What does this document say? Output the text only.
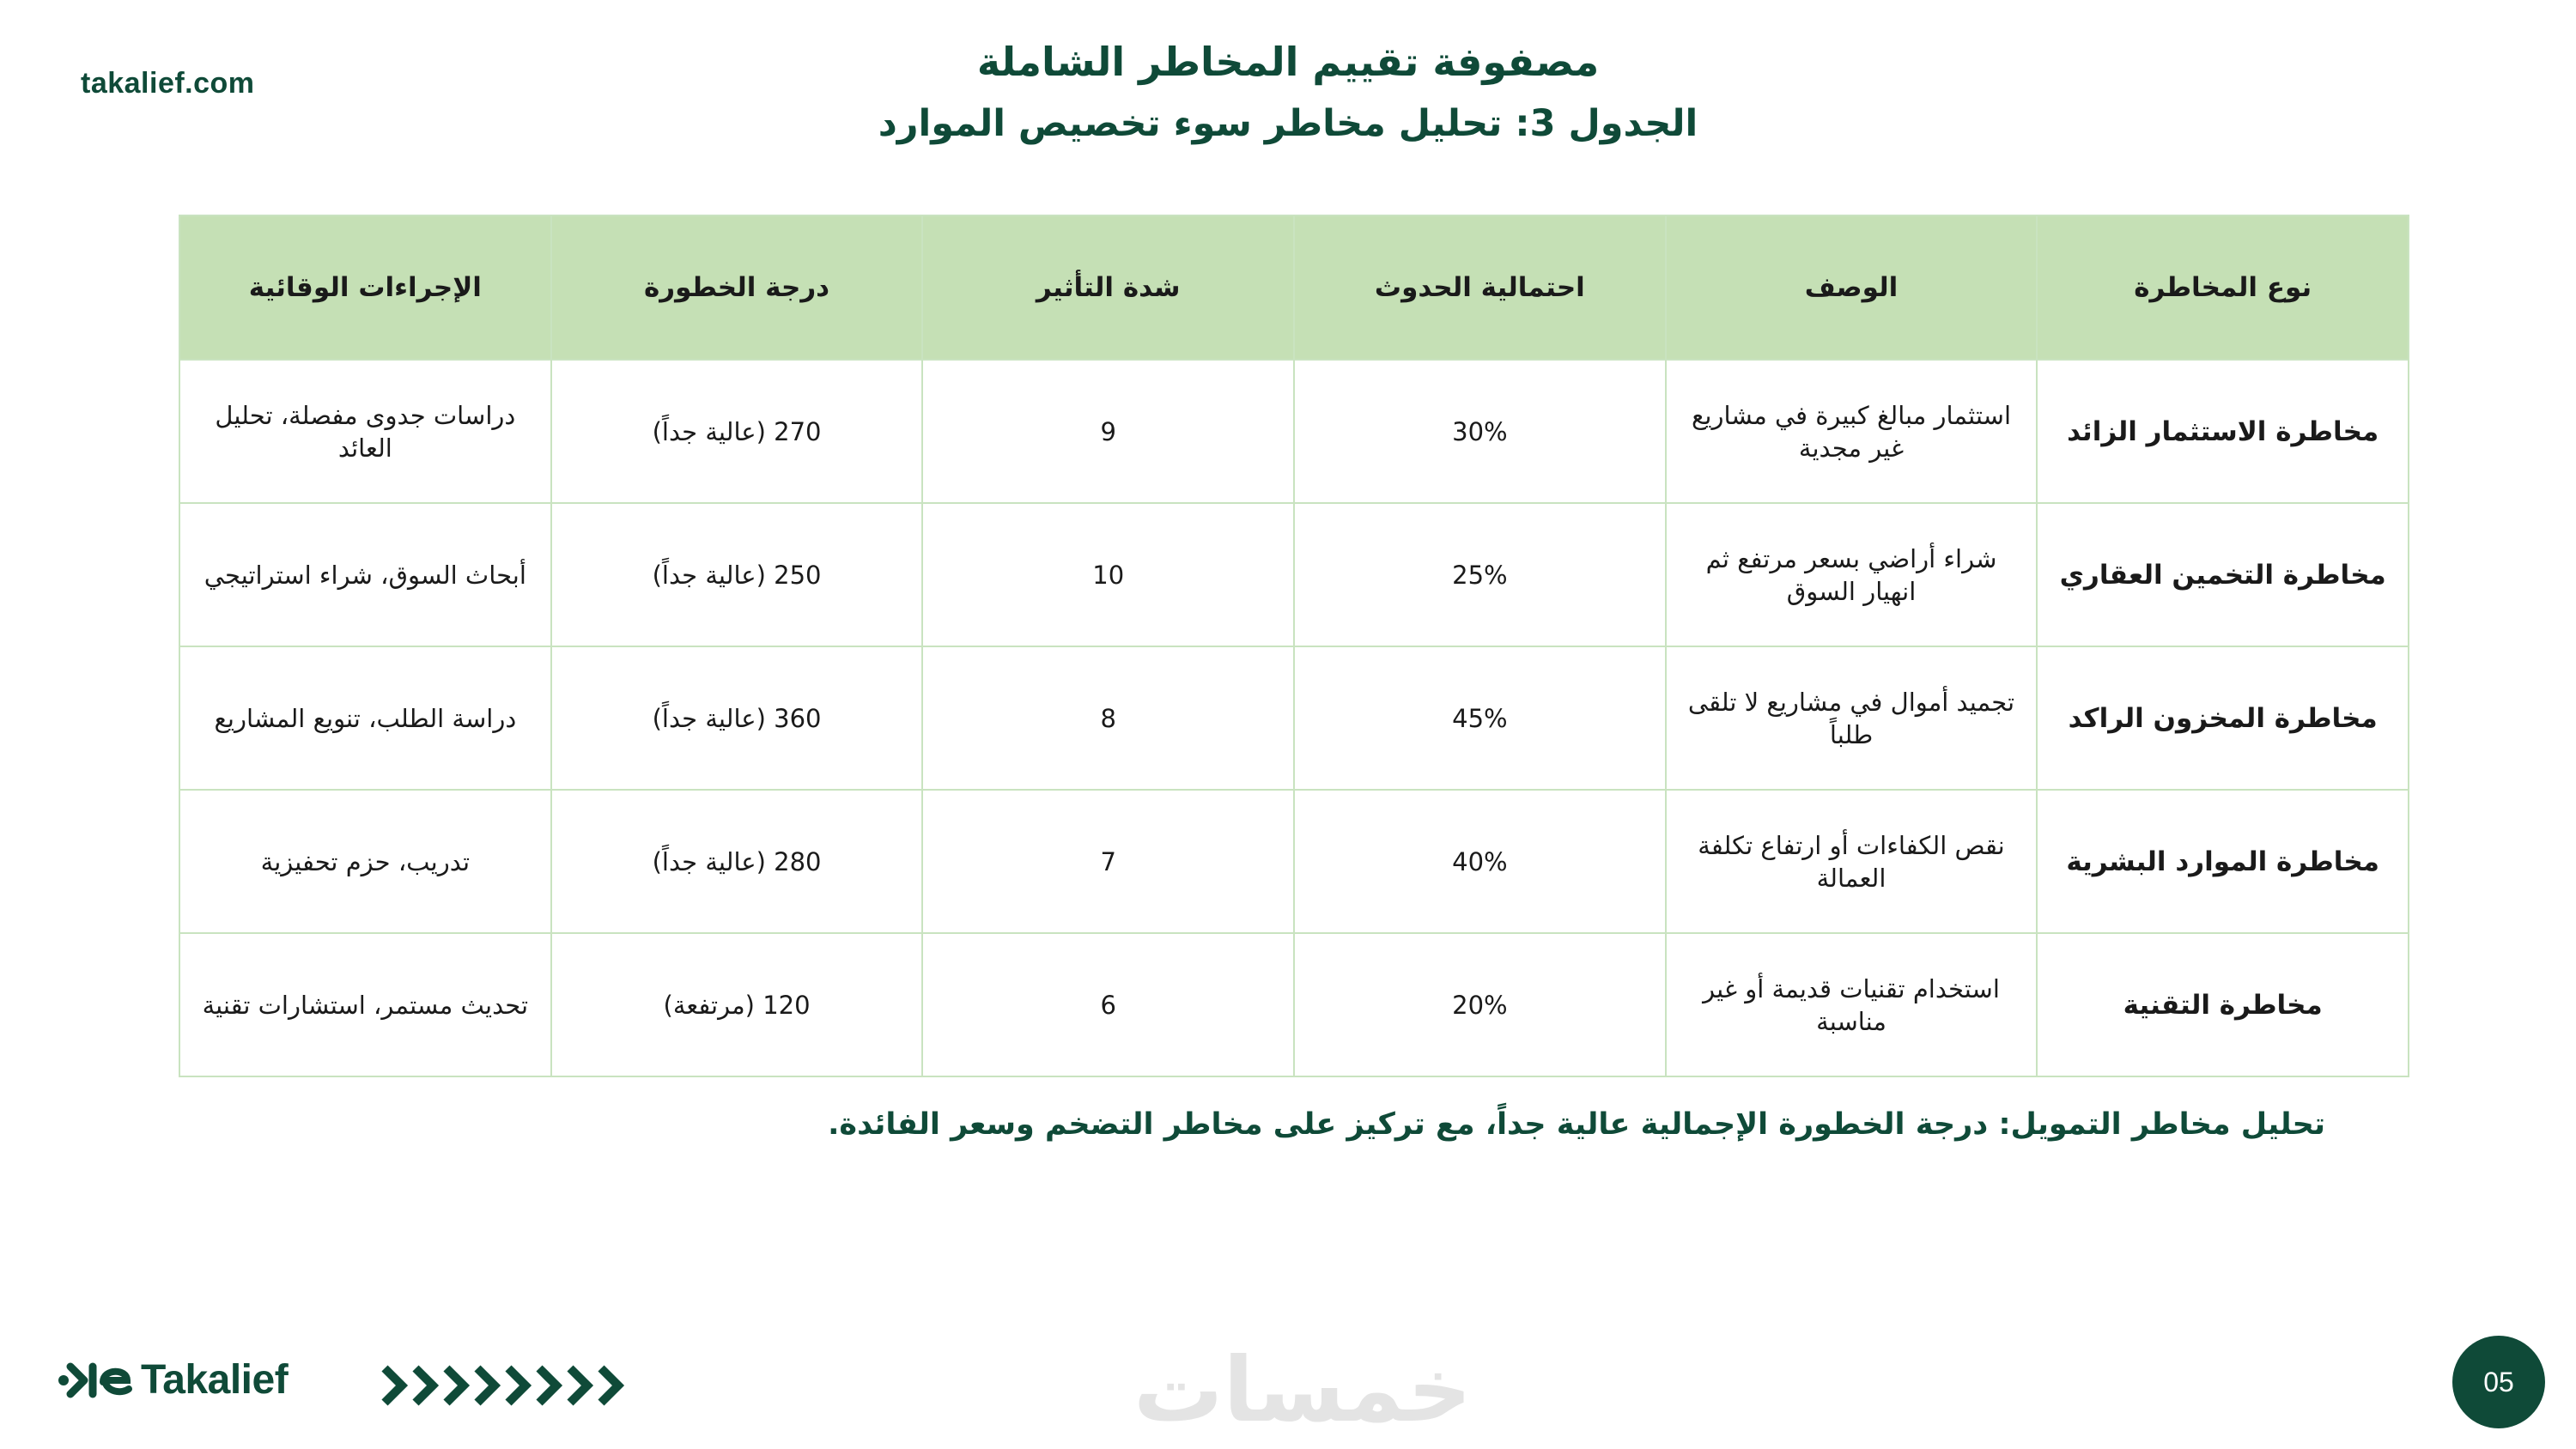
takalief.com	مصفوفة تقييم المخاطر الشاملة
الجدول 3: تحليل مخاطر سوء تخصيص الموارد
نوع المخاطرة	الوصف	احتمالية الحدوث	شدة التأثير	درجة الخطورة	الإجراءات الوقائية
مخاطرة الاستثمار الزائد	استثمار مبالغ كبيرة في مشاريع غير مجدية	30%	9	270 (عالية جداً)	دراسات جدوى مفصلة، تحليل العائد
مخاطرة التخمين العقاري	شراء أراضي بسعر مرتفع ثم انهيار السوق	25%	10	250 (عالية جداً)	أبحاث السوق، شراء استراتيجي
مخاطرة المخزون الراكد	تجميد أموال في مشاريع لا تلقى طلباً	45%	8	360 (عالية جداً)	دراسة الطلب، تنويع المشاريع
مخاطرة الموارد البشرية	نقص الكفاءات أو ارتفاع تكلفة العمالة	40%	7	280 (عالية جداً)	تدريب، حزم تحفيزية
مخاطرة التقنية	استخدام تقنيات قديمة أو غير مناسبة	20%	6	120 (مرتفعة)	تحديث مستمر، استشارات تقنية
تحليل مخاطر التمويل: درجة الخطورة الإجمالية عالية جداً، مع تركيز على مخاطر التضخم وسعر الفائدة.
Takalief	خمسات	05
